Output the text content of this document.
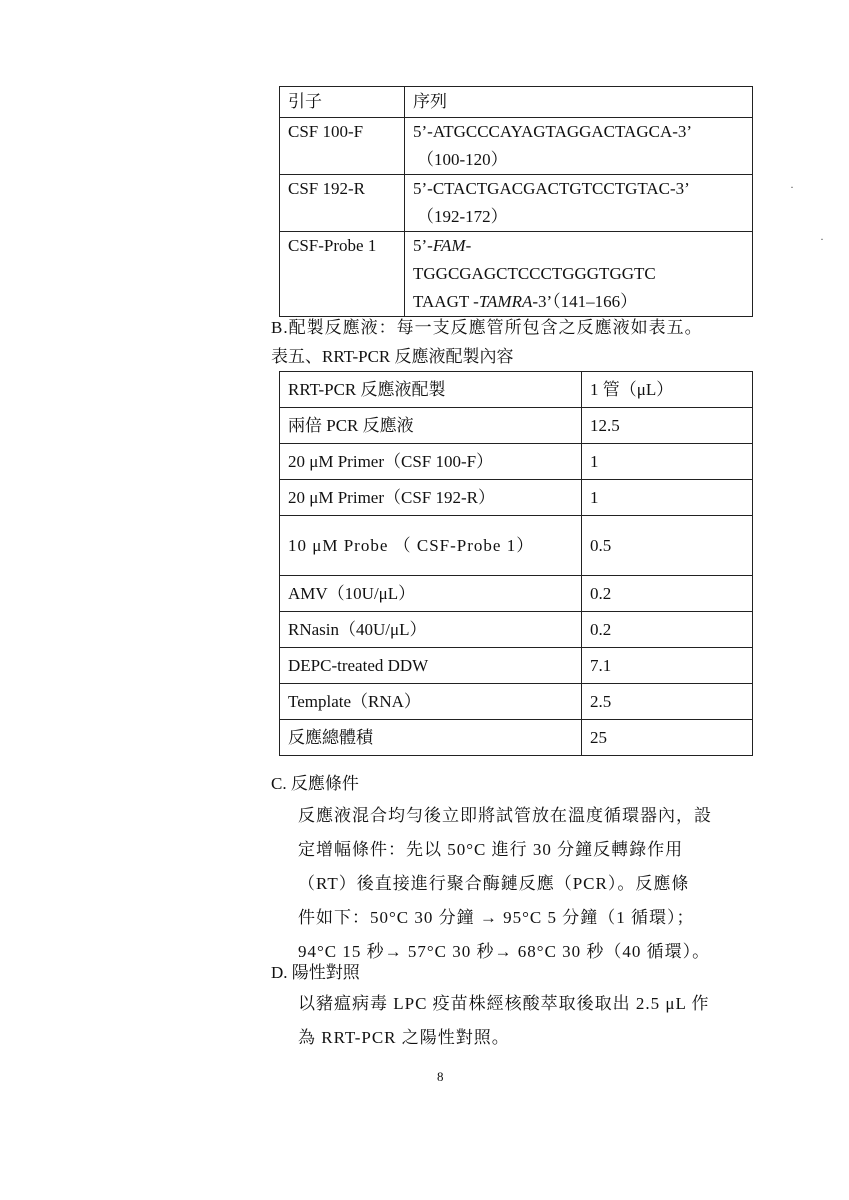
引子	序列
CSF 100-F	5’-ATGCCCAYAGTAGGACTAGCA-3’
（100-120）

CSF 192-R	5’-CTACTGACGACTGTCCTGTAC-3’
（192-172）

CSF-Probe 1	5’-FAM-
TGGCGAGCTCCCTGGGTGGTC
TAAGT -TAMRA-3’（141–166）
B.配製反應液：每一支反應管所包含之反應液如表五。
表五、RRT-PCR 反應液配製內容
RRT-PCR 反應液配製	1 管（μL）
兩倍 PCR 反應液	12.5
20 μM Primer（CSF 100-F）	1
20 μM Primer（CSF 192-R）	1
10 μM Probe （ CSF-Probe 1）	0.5
AMV（10U/μL）	0.2
RNasin（40U/μL）	0.2
DEPC-treated DDW	7.1
Template（RNA）	2.5
反應總體積	25
C. 反應條件
反應液混合均勻後立即將試管放在溫度循環器內，設
定增幅條件：先以 50°C 進行 30 分鐘反轉錄作用
（RT）後直接進行聚合酶鏈反應（PCR）。反應條
件如下：50°C 30 分鐘 → 95°C 5 分鐘（1 循環）；
94°C 15 秒→ 57°C 30 秒→ 68°C 30 秒（40 循環）。
D. 陽性對照
以豬瘟病毒 LPC 疫苗株經核酸萃取後取出 2.5 μL 作
為 RRT-PCR 之陽性對照。
8
·
·
